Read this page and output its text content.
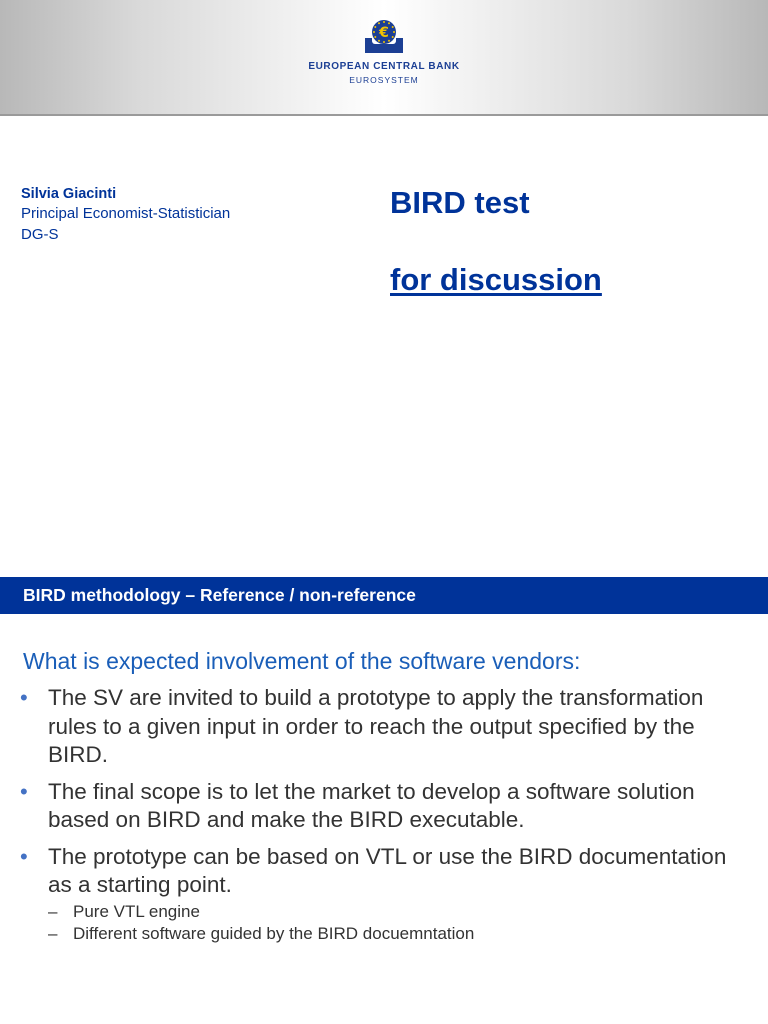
€
EUROPEAN CENTRAL BANK
EUROSYSTEM
Silvia Giacinti
Principal Economist-Statistician
DG-S
BIRD test
for discussion
BIRD methodology – Reference / non-reference
What is expected involvement of the software vendors:
• The SV are invited to build a prototype to apply the transformation rules to a given input in order to reach the output specified by the BIRD.
• The final scope is to let the market to develop a software solution based on BIRD and make the BIRD executable.
• The prototype can be based on VTL or use the BIRD documentation as a starting point.
– Pure VTL engine
– Different software guided by the BIRD docuemntation
